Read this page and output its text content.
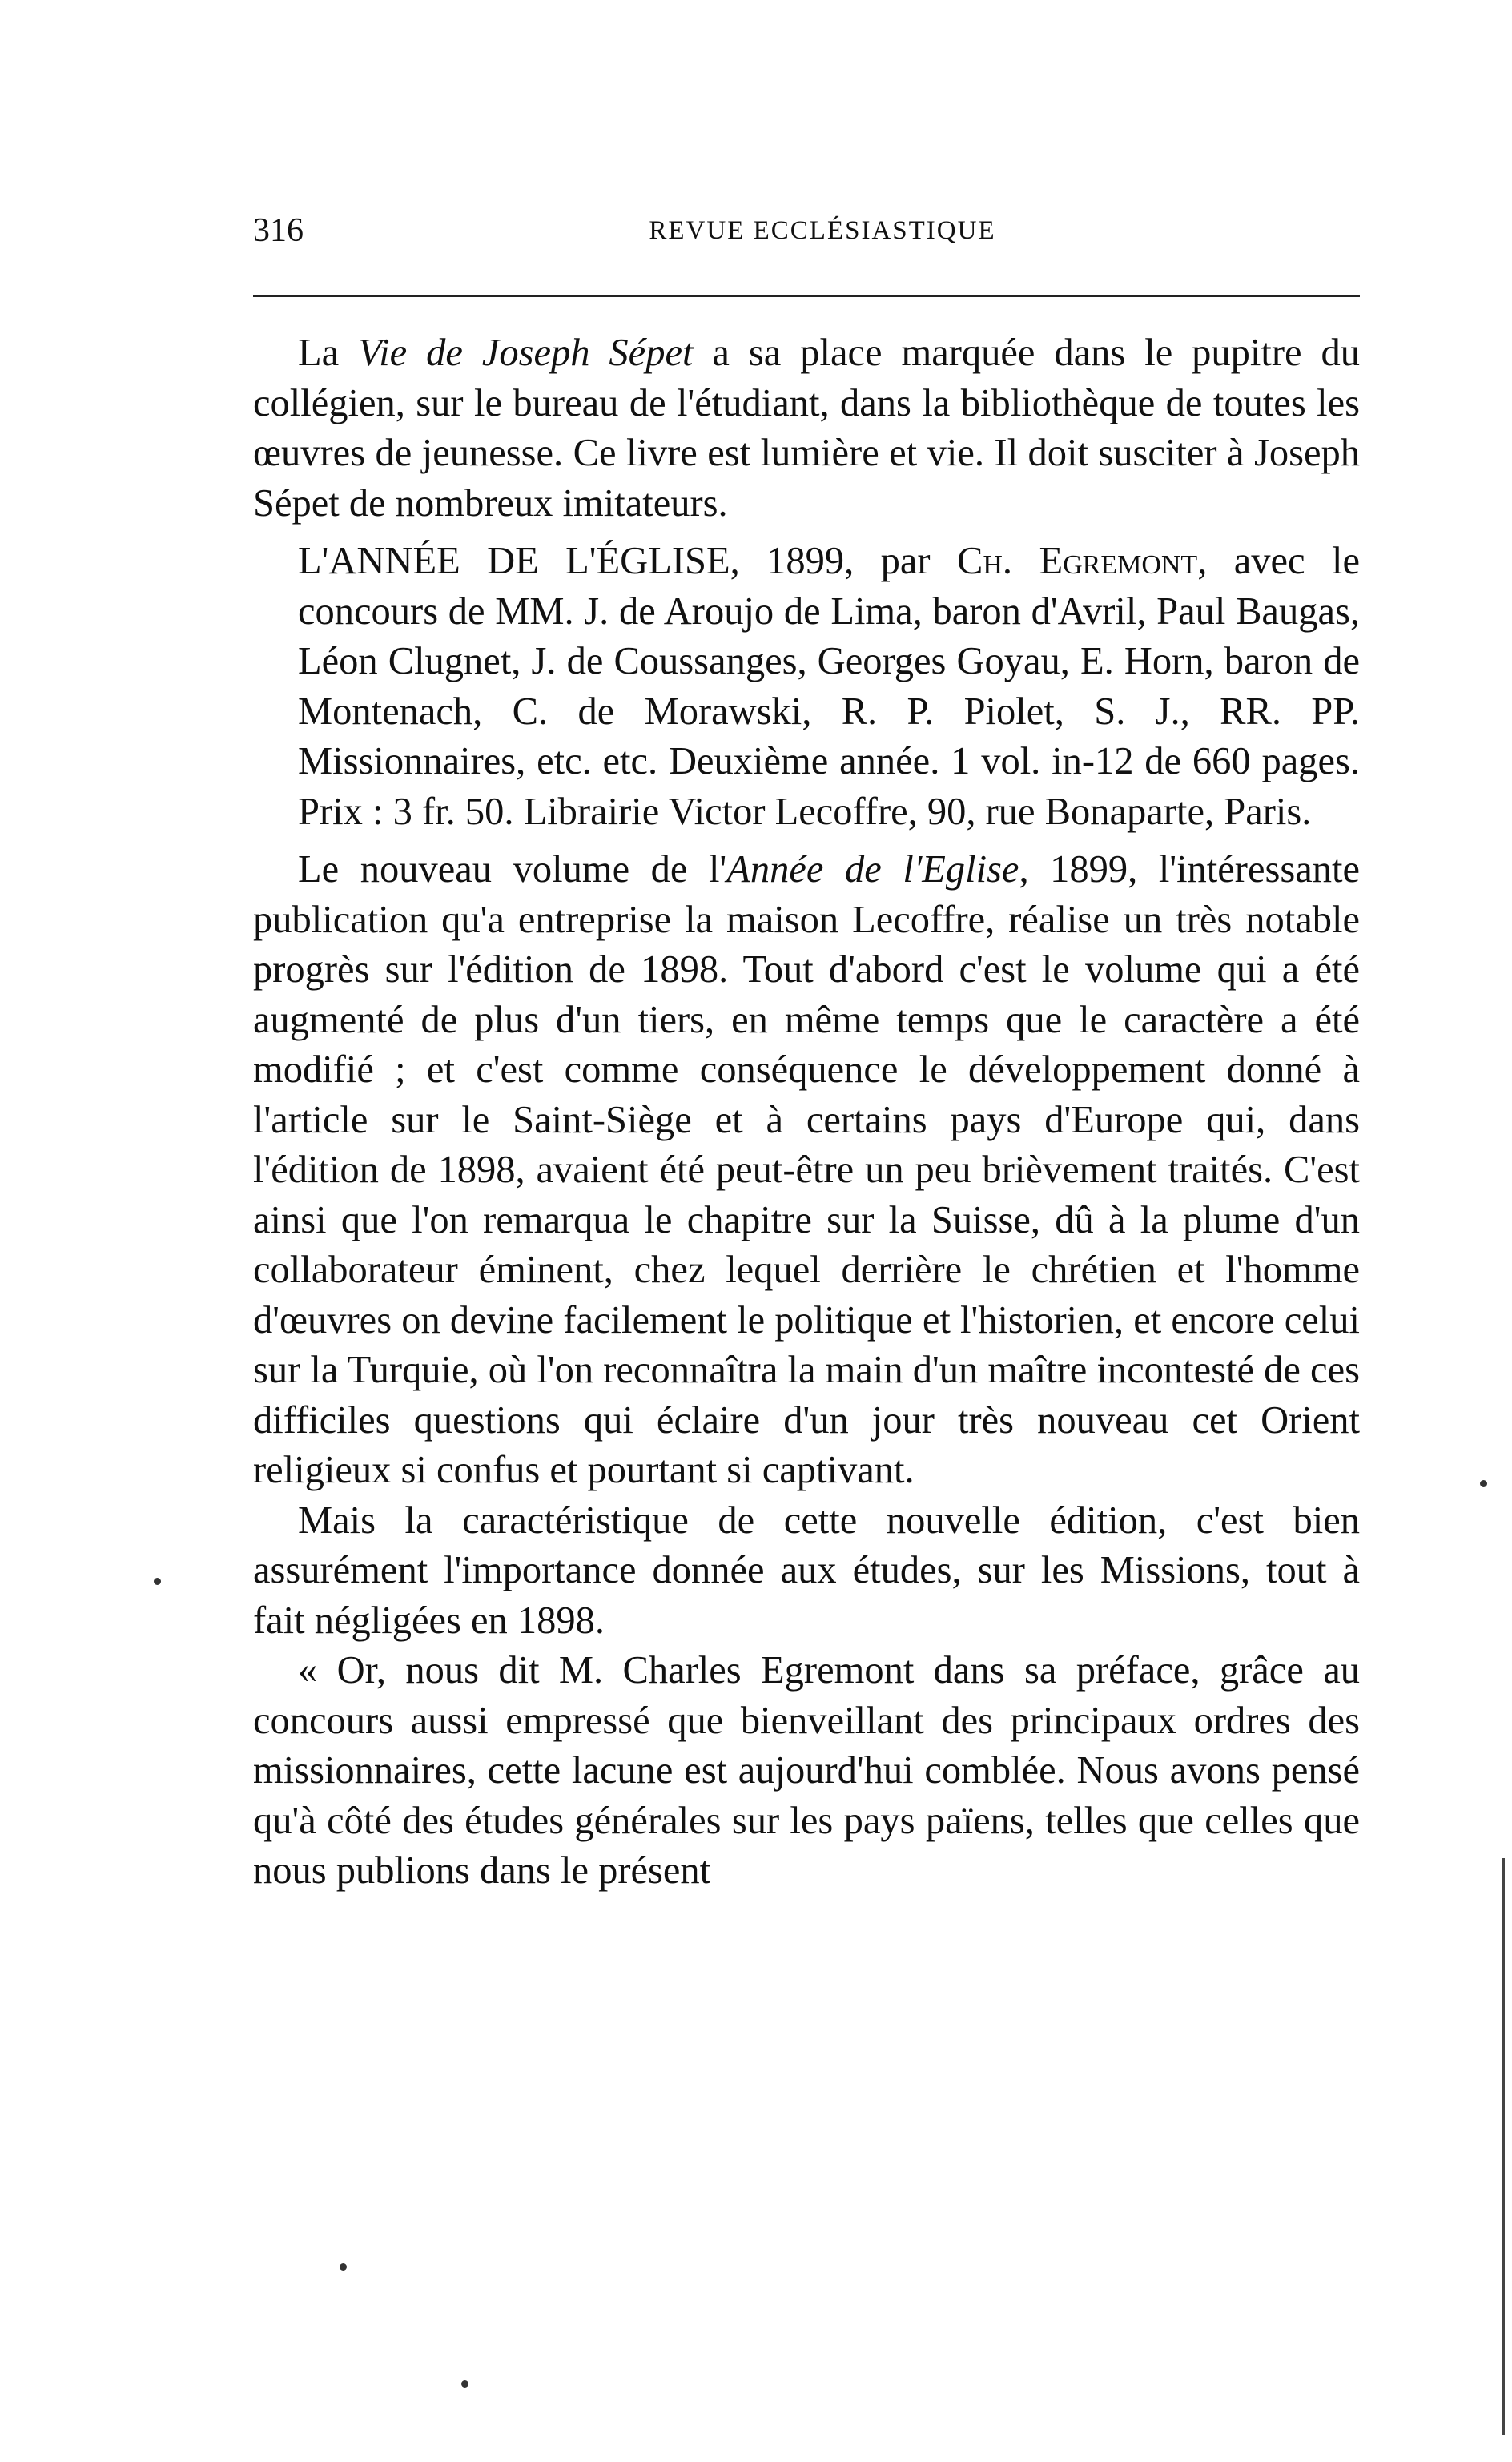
316	REVUE ECCLÉSIASTIQUE

La Vie de Joseph Sépet a sa place marquée dans le pupitre du collégien, sur le bureau de l'étudiant, dans la bibliothèque de toutes les œuvres de jeunesse. Ce livre est lumière et vie. Il doit susciter à Joseph Sépet de nombreux imitateurs.

L'ANNÉE DE L'ÉGLISE, 1899, par Ch. Egremont, avec le concours de MM. J. de Aroujo de Lima, baron d'Avril, Paul Baugas, Léon Clugnet, J. de Coussanges, Georges Goyau, E. Horn, baron de Montenach, C. de Morawski, R. P. Piolet, S. J., RR. PP. Missionnaires, etc. etc. Deuxième année. 1 vol. in-12 de 660 pages. Prix : 3 fr. 50. Librairie Victor Lecoffre, 90, rue Bonaparte, Paris.

Le nouveau volume de l'Année de l'Eglise, 1899, l'intéressante publication qu'a entreprise la maison Lecoffre, réalise un très notable progrès sur l'édition de 1898. Tout d'abord c'est le volume qui a été augmenté de plus d'un tiers, en même temps que le caractère a été modifié ; et c'est comme conséquence le développement donné à l'article sur le Saint-Siège et à certains pays d'Europe qui, dans l'édition de 1898, avaient été peut-être un peu brièvement traités. C'est ainsi que l'on remarqua le chapitre sur la Suisse, dû à la plume d'un collaborateur éminent, chez lequel derrière le chrétien et l'homme d'œuvres on devine facilement le politique et l'historien, et encore celui sur la Turquie, où l'on reconnaîtra la main d'un maître incontesté de ces difficiles questions qui éclaire d'un jour très nouveau cet Orient religieux si confus et pourtant si captivant.

Mais la caractéristique de cette nouvelle édition, c'est bien assurément l'importance donnée aux études, sur les Missions, tout à fait négligées en 1898.

« Or, nous dit M. Charles Egremont dans sa préface, grâce au concours aussi empressé que bienveillant des principaux ordres des missionnaires, cette lacune est aujourd'hui comblée. Nous avons pensé qu'à côté des études générales sur les pays païens, telles que celles que nous publions dans le présent
